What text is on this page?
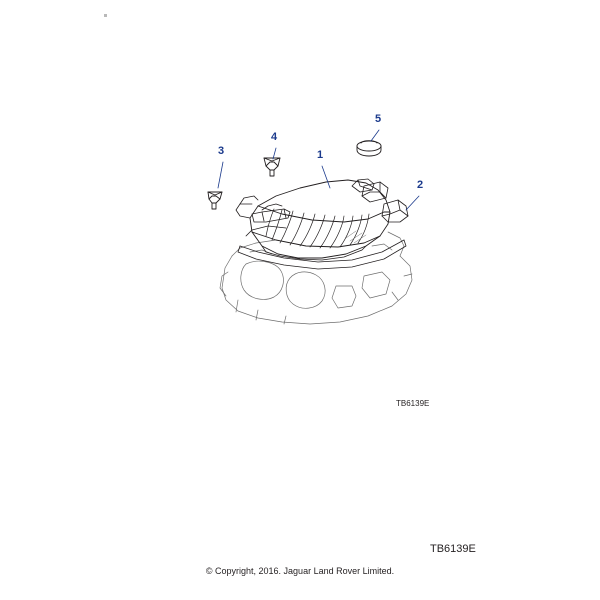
1
2
3
4
5
TB6139E
TB6139E
© Copyright, 2016. Jaguar Land Rover Limited.
